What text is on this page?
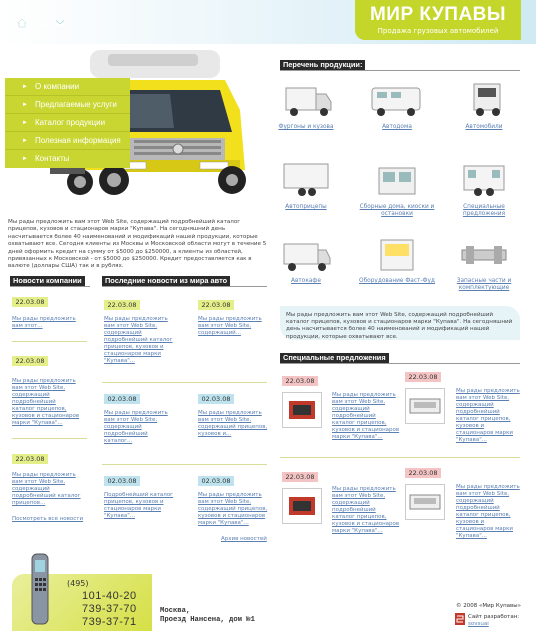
МИР КУПАВЫ
Продажа грузовых автомобилей
► О компании
► Предлагаемые услуги
► Каталог продукции
► Полезная информация
► Контакты
Мы рады предложить вам этот Web Site, содержащий подробнейший каталог прицепов, кузовов и стационаров марки "Купава". На сегодняшний день насчитывается более 40 наименований и модификаций нашей продукции, которые охватывают все. Сегодня клиенты из Москвы и Московской области могут в течение 5 дней оформить кредит на сумму от $5000 до $250000, а клиенты из областей, привязанных к Московской - от $5000 до $250000. Кредит предоставляется как в валюте (доллары США) так и в рублях.
Новости компании
22.03.08
Мы рады предложить вам этот...
22.03.08
Мы рады предложить вам этот Web Site, содержащий подробнейший каталог прицепов, кузовов и стационаров марки "Купава"...
22.03.08
Мы рады предложить вам этот Web Site, содержащий подробнейший каталог прицепов...
Посмотреть все новости
Последние новости из мира авто
22.03.08
Мы рады предложить вам этот Web Site, содержащий подробнейший каталог прицепов, кузовов и стационаров марки "Купава"...
22.03.08
Мы рады предложить вам этот Web Site, содержащий...
02.03.08
Мы рады предложить вам этот Web Site, содержащий подробнейший каталог...
02.03.08
Мы рады предложить вам этот Web Site, содержащий прицепов, кузовов и...
02.03.08
Подробнейший каталог прицепов, кузовов и стационаров марки "Купава"...
02.03.08
Мы рады предложить вам этот Web Site, содержащий прицепов, кузовов и стационаров марки "Купава"...
Архив новостей
Перечень продукции:
Фургоны и кузова	Автодома	Автомобили
Автоприцепы	Сборные дома, киоски и остановки
Специальные предложения
Автокафе	Оборудование Фаст-Фуд	Запасные части и комплектующие
Мы рады предложить вам этот Web Site, содержащий подробнейший каталог прицепов, кузовов и стационаров марки "Купава". На сегодняшний день насчитывается более 40 наименований и модификаций нашей продукции, которые охватывают все.
Специальные предложения
22.03.08
Мы рады предложить вам этот Web Site, содержащий подробнейший каталог прицепов, кузовов и стационаров марки "Купава"...
22.03.08
Мы рады предложить вам этот Web Site, содержащий подробнейший каталог прицепов, кузовов и стационаров марки "Купава"...
22.03.08
Мы рады предложить вам этот Web Site, содержащий подробнейший каталог прицепов, кузовов и стационаров марки "Купава"...
22.03.08
Мы рады предложить вам этот Web Site, содержащий подробнейший каталог прицепов, кузовов и стационаров марки "Купава"...
(495)
101-40-20
739-37-70
739-37-71
Москва,
Проезд Нансена, дом №1
© 2008 «Мир Купавы»
Сайт разработан:
sovsuai
